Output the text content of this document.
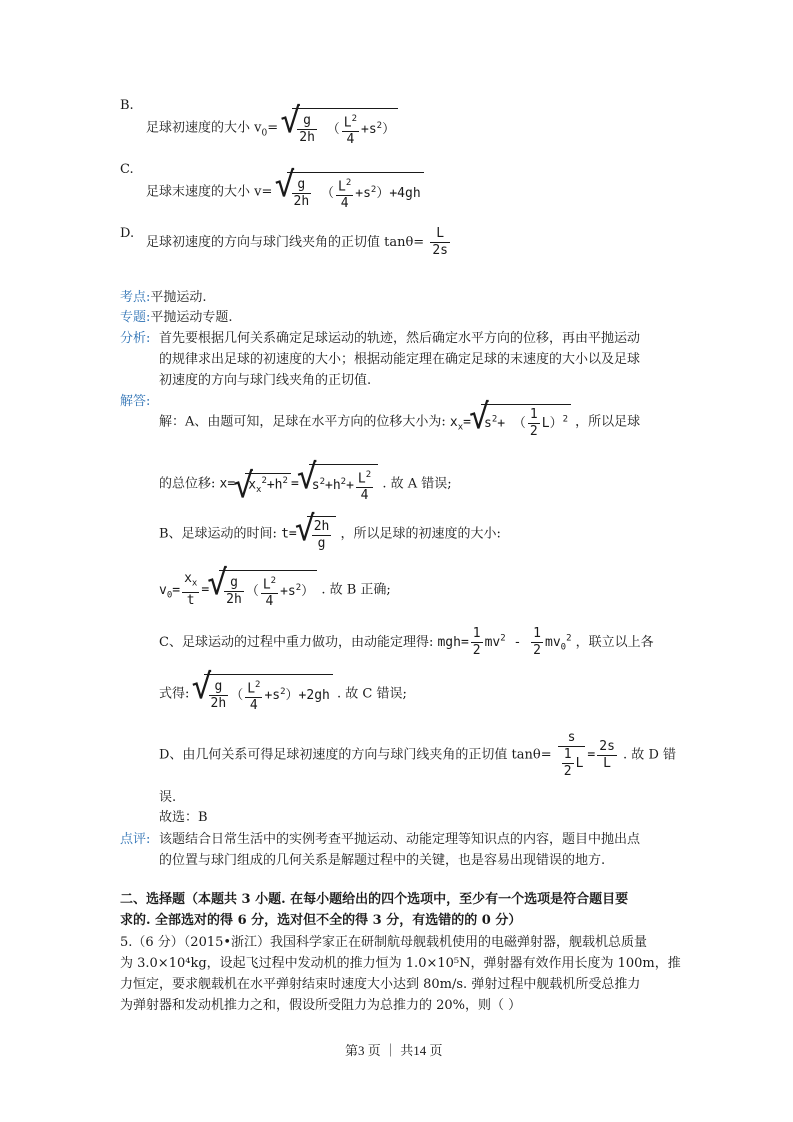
B.
足球初速度的大小 $v_0=$
√ $\frac{g}{2h}$ （ $\frac{L^2}{4} +s^2$）
C.
足球末速度的大小 v=
√ $\frac{g}{2h}$ （ $\frac{L^2}{4} +s^2)+4gh$
D.
足球初速度的方向与球门线夹角的正切值 $\tan\theta= \frac{L}{2s}$
考点:平抛运动.
专题:平抛运动专题.
分析: 首先要根据几何关系确定足球运动的轨迹，然后确定水平方向的位移，再由平抛运动
的规律求出足球的初速度的大小；根据动能定理在确定足球的末速度的大小以及足球
初速度的方向与球门线夹角的正切值.
解答:
解：A、由题可知，足球在水平方向的位移大小为: $x_x=√$ $s^2+$ （ $\frac{1}{2} L)^2$ ，所以足球
的总位移: x=√ $x_x^2+h^2$ =√ $s^2+h^2+ \frac{L^2}{4}$ . 故 A 错误;
B、足球运动的时间: t=
√ $\frac{2h}{g}$ ，所以足球的初速度的大小:
$v_0= \frac{x_x}{t}$ =
√ $\frac{g}{2h}$ （ $\frac{L^2}{4} +s^2$） . 故 B 正确;
C、足球运动的过程中重力做功，由动能定理得: $mgh= \frac{1}{2} mv^2 - \frac{1}{2} mv_0^2$ ，联立以上各
式得:
√ $\frac{g}{2h}$ （ $\frac{L^2}{4} +s^2)+2gh$ . 故 C 错误;
D、由几何关系可得足球初速度的方向与球门线夹角的正切值 $\tan\theta= \frac{s}{\frac{1}{2} L} = \frac{2s}{L}$ . 故 D 错
误.
故选：B
点评: 该题结合日常生活中的实例考查平抛运动、动能定理等知识点的内容，题目中抛出点
的位置与球门组成的几何关系是解题过程中的关键，也是容易出现错误的地方.
二、选择题（本题共 3 小题. 在每小题给出的四个选项中，至少有一个选项是符合题目要
求的. 全部选对的得 6 分，选对但不全的得 3 分，有选错的的 0 分）
5.（6 分）（2015•浙江）我国科学家正在研制航母舰载机使用的电磁弹射器，舰载机总质量
为 3.0×10⁴kg，设起飞过程中发动机的推力恒为 1.0×10⁵N，弹射器有效作用长度为 100m，推
力恒定，要求舰载机在水平弹射结束时速度大小达到 80m/s. 弹射过程中舰载机所受总推力
为弹射器和发动机推力之和，假设所受阻力为总推力的 20%，则（ ）
第3 页 ｜ 共14 页
